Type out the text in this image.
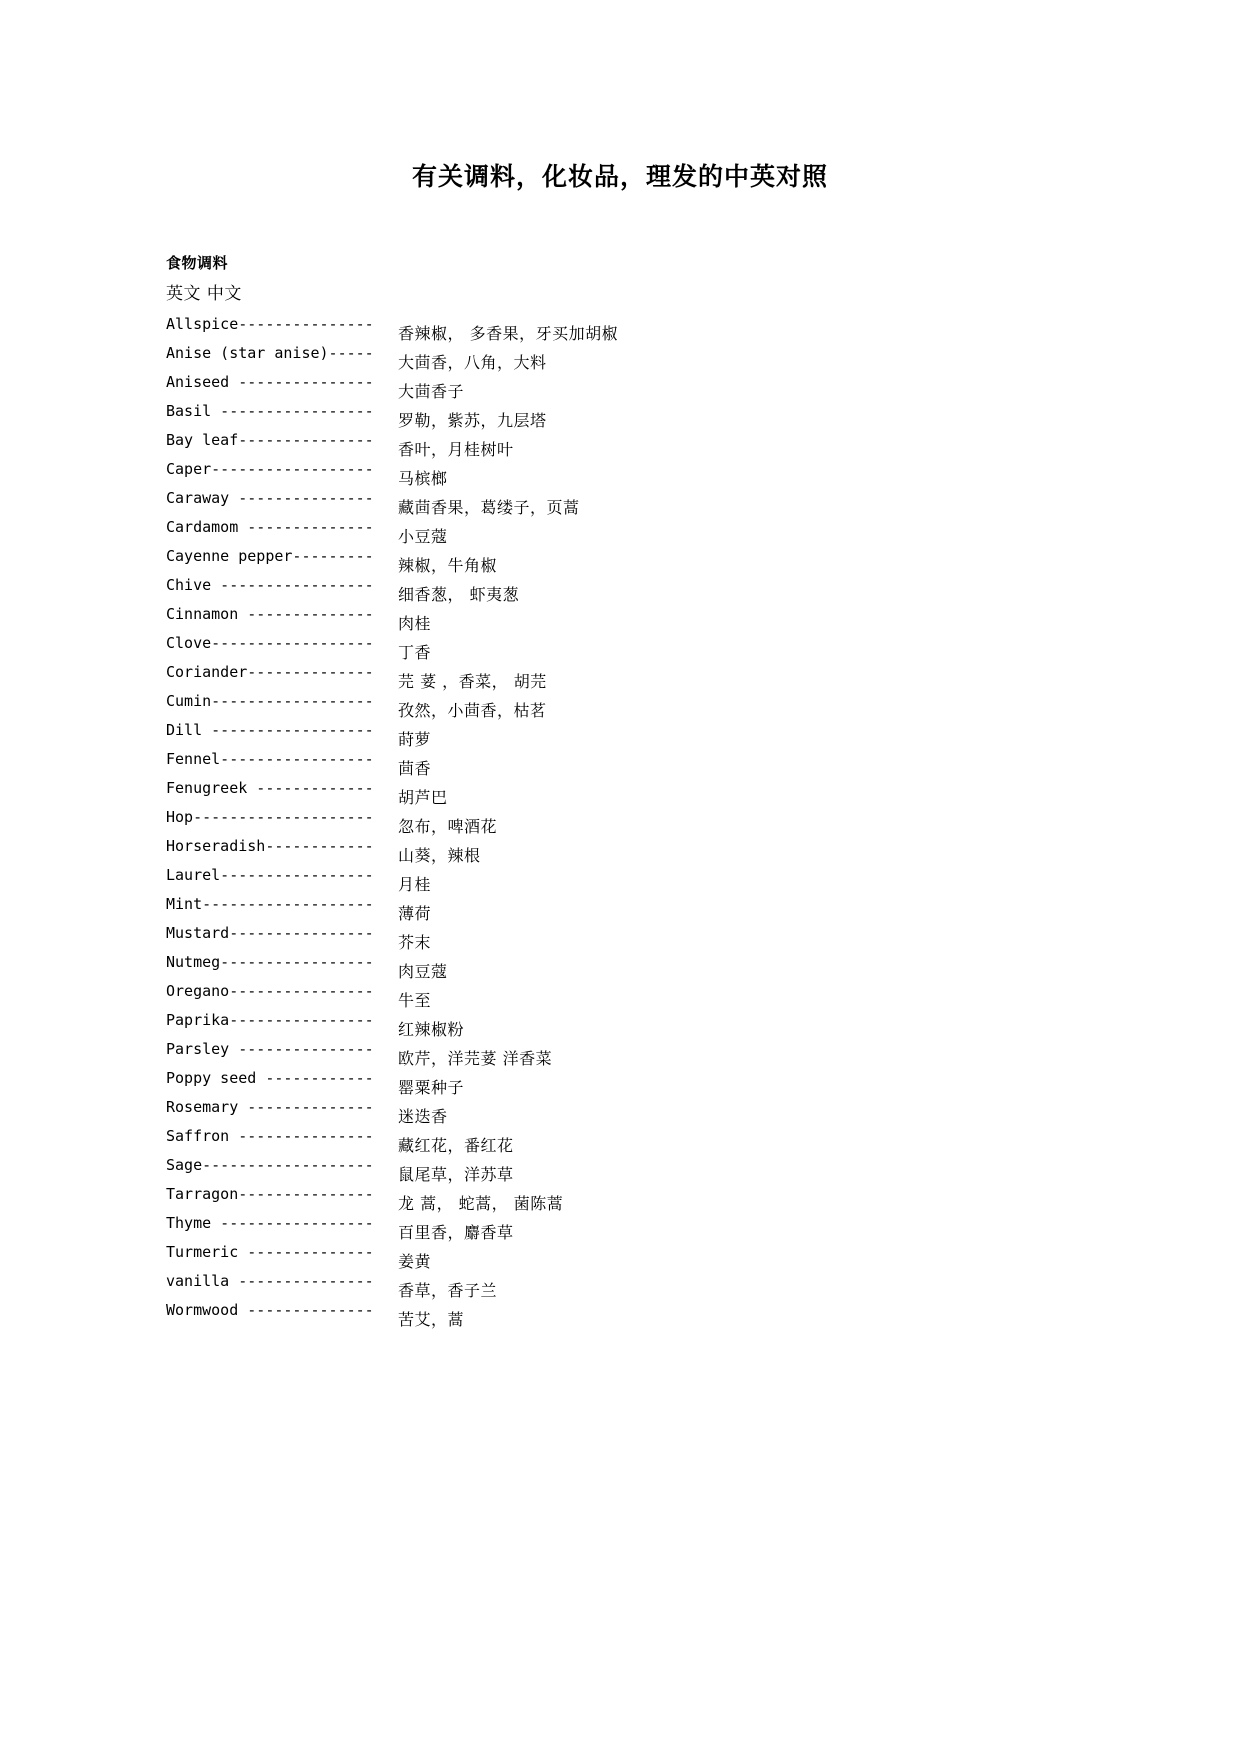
有关调料，化妆品，理发的中英对照
食物调料
英文 中文
Allspice--------------- 香辣椒， 多香果，牙买加胡椒
Anise (star anise)----- 大茴香，八角，大料
Aniseed --------------- 大茴香子
Basil ----------------- 罗勒，紫苏，九层塔
Bay leaf--------------- 香叶，月桂树叶
Caper------------------ 马槟榔
Caraway --------------- 藏茴香果，葛缕子，页蒿
Cardamom -------------- 小豆蔻
Cayenne pepper--------- 辣椒，牛角椒
Chive ----------------- 细香葱， 虾夷葱
Cinnamon -------------- 肉桂
Clove------------------ 丁香
Coriander-------------- 芫 荽 ，香菜， 胡芫
Cumin------------------ 孜然，小茴香，枯茗
Dill ------------------ 莳萝
Fennel----------------- 茴香
Fenugreek ------------- 胡芦巴
Hop-------------------- 忽布，啤酒花
Horseradish------------ 山葵，辣根
Laurel----------------- 月桂
Mint------------------- 薄荷
Mustard---------------- 芥末
Nutmeg----------------- 肉豆蔻
Oregano---------------- 牛至
Paprika---------------- 红辣椒粉
Parsley --------------- 欧芹，洋芫荽 洋香菜
Poppy seed ------------ 罂粟种子
Rosemary -------------- 迷迭香
Saffron --------------- 藏红花，番红花
Sage------------------- 鼠尾草，洋苏草
Tarragon--------------- 龙 蒿， 蛇蒿， 菌陈蒿
Thyme ----------------- 百里香，麝香草
Turmeric -------------- 姜黄
vanilla --------------- 香草，香子兰
Wormwood -------------- 苦艾，蒿
